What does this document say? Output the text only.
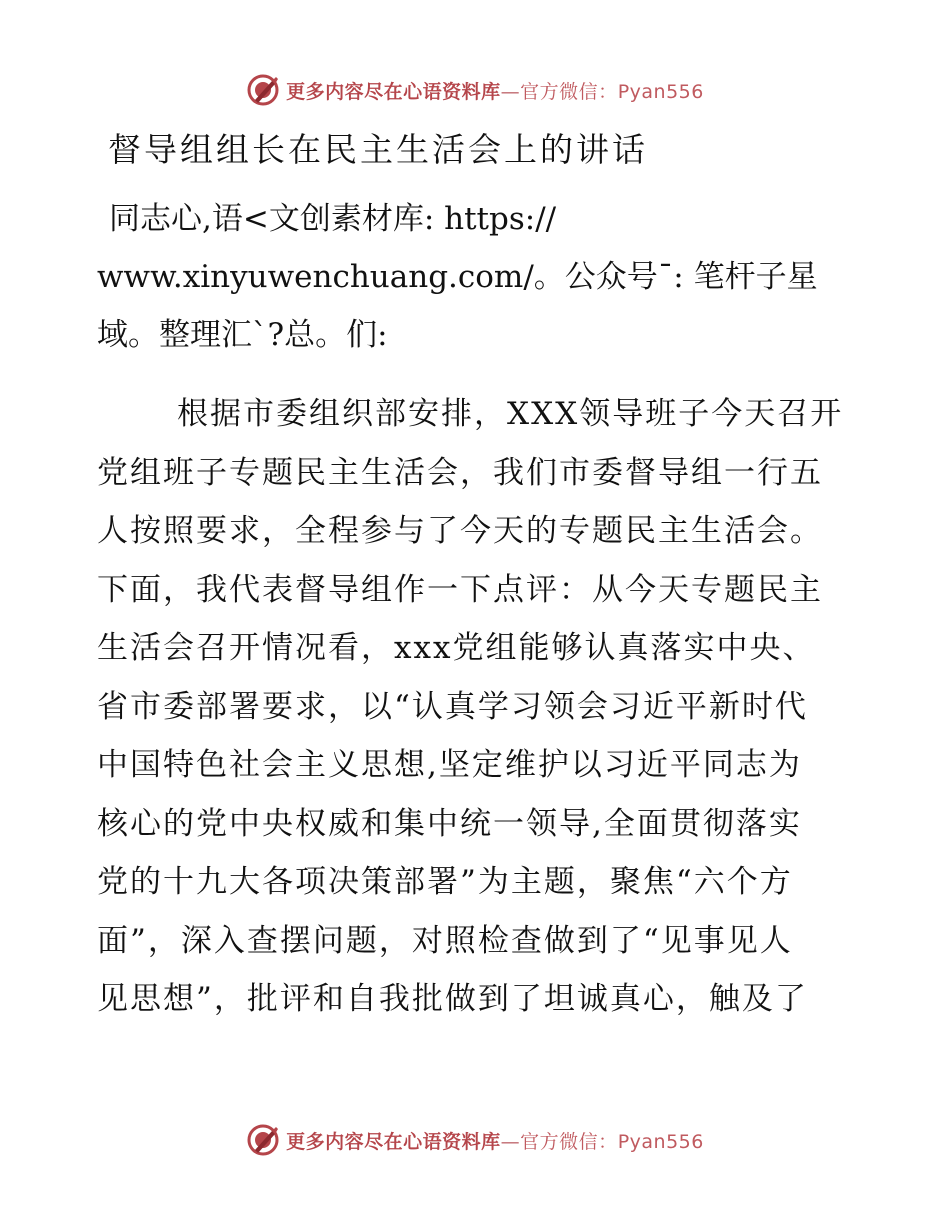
更多内容尽在心语资料库—官方微信：Pyan556
督导组组长在民主生活会上的讲话
同志心,语<文创素材库: https://
www.xinyuwenchuang.com/。公众号¯: 笔杆子星
域。整理汇`?总。们:
根据市委组织部安排，XXX领导班子今天召开
党组班子专题民主生活会，我们市委督导组一行五
人按照要求，全程参与了今天的专题民主生活会。
下面，我代表督导组作一下点评：从今天专题民主
生活会召开情况看，xxx党组能够认真落实中央、
省市委部署要求，以“认真学习领会习近平新时代
中国特色社会主义思想,坚定维护以习近平同志为
核心的党中央权威和集中统一领导,全面贯彻落实
党的十九大各项决策部署”为主题，聚焦“六个方
面”，深入查摆问题，对照检查做到了“见事见人
见思想”，批评和自我批做到了坦诚真心，触及了
更多内容尽在心语资料库—官方微信：Pyan556
